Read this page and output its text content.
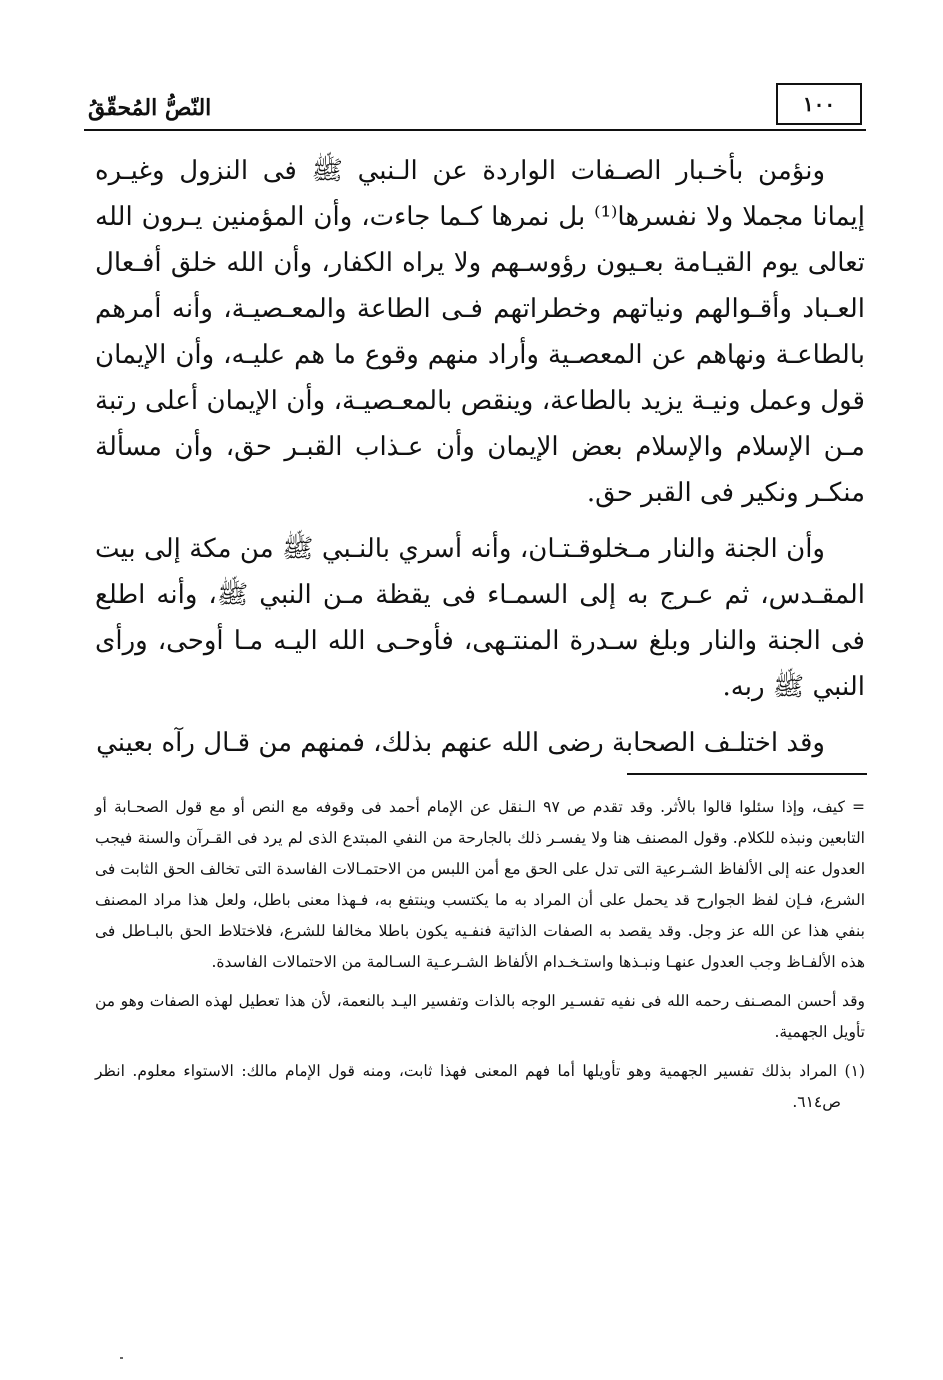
النّصُّ المُحقّقُ	١٠٠

ونؤمن بأخـبار الصـفات الواردة عن الـنبي ﷺ فى النزول وغيـره إيمانا مجملا ولا نفسرها⁽¹⁾ بل نمرها كـما جاءت، وأن المؤمنين يـرون الله تعالى يوم القيـامة بعـيون رؤوسـهم ولا يراه الكفار، وأن الله خلق أفـعال العـباد وأقـوالهم ونياتهم وخطراتهم فـى الطاعة والمعـصيـة، وأنه أمرهم بالطاعـة ونهاهم عن المعصـية وأراد منهم وقوع ما هم عليـه، وأن الإيمان قول وعمل ونيـة يزيد بالطاعة، وينقص بالمعـصيـة، وأن الإيمان أعلى رتبة مـن الإسلام والإسلام بعض الإيمان وأن عـذاب القبـر حق، وأن مسألة منكـر ونكير فى القبر حق.

وأن الجنة والنار مـخلوقـتـان، وأنه أسري بالنـبي ﷺ من مكة إلى بيت المقـدس، ثم عـرج به إلى السمـاء فى يقظة مـن النبي ﷺ، وأنه اطلع فى الجنة والنار وبلغ سـدرة المنتـهى، فأوحـى الله اليـه مـا أوحى، ورأى النبي ﷺ ربه.

وقد اختلـف الصحابة رضى الله عنهم بذلك، فمنهم من قـال رآه بعيني

= كيف، وإذا سئلوا قالوا بالأثر. وقد تقدم ص ٩٧ الـنقل عن الإمام أحمد فى وقوفه مع النص أو مع قول الصحـابة أو التابعين ونبذه للكلام. وقول المصنف هنا ولا يفسـر ذلك بالجارحة من النفي المبتدع الذى لم يرد فى القـرآن والسنة فيجب العدول عنه إلى الألفاظ الشـرعية التى تدل على الحق مع أمن اللبس من الاحتمـالات الفاسدة التى تخالف الحق الثابت فى الشرع، فـإن لفظ الجوارح قد يحمل على أن المراد به ما يكتسب وينتفع به، فـهذا معنى باطل، ولعل هذا مراد المصنف بنفي هذا عن الله عز وجل. وقد يقصد به الصفات الذاتية فنفـيه يكون باطلا مخالفا للشرع، فلاختلاط الحق بالبـاطل فى هذه الألفـاظ وجب العدول عنهـا ونبـذها واستـخـدام الألفاظ الشـرعـية السـالمة من الاحتمالات الفاسدة.

وقد أحسن المصـنف رحمه الله فى نفيه تفسـير الوجه بالذات وتفسير اليـد بالنعمة، لأن هذا تعطيل لهذه الصفات وهو من تأويل الجهمية.

(١) المراد بذلك تفسير الجهمية وهو تأويلها أما فهم المعنى فهذا ثابت، ومنه قول الإمام مالك: الاستواء معلوم. انظر ص٦١٤.
